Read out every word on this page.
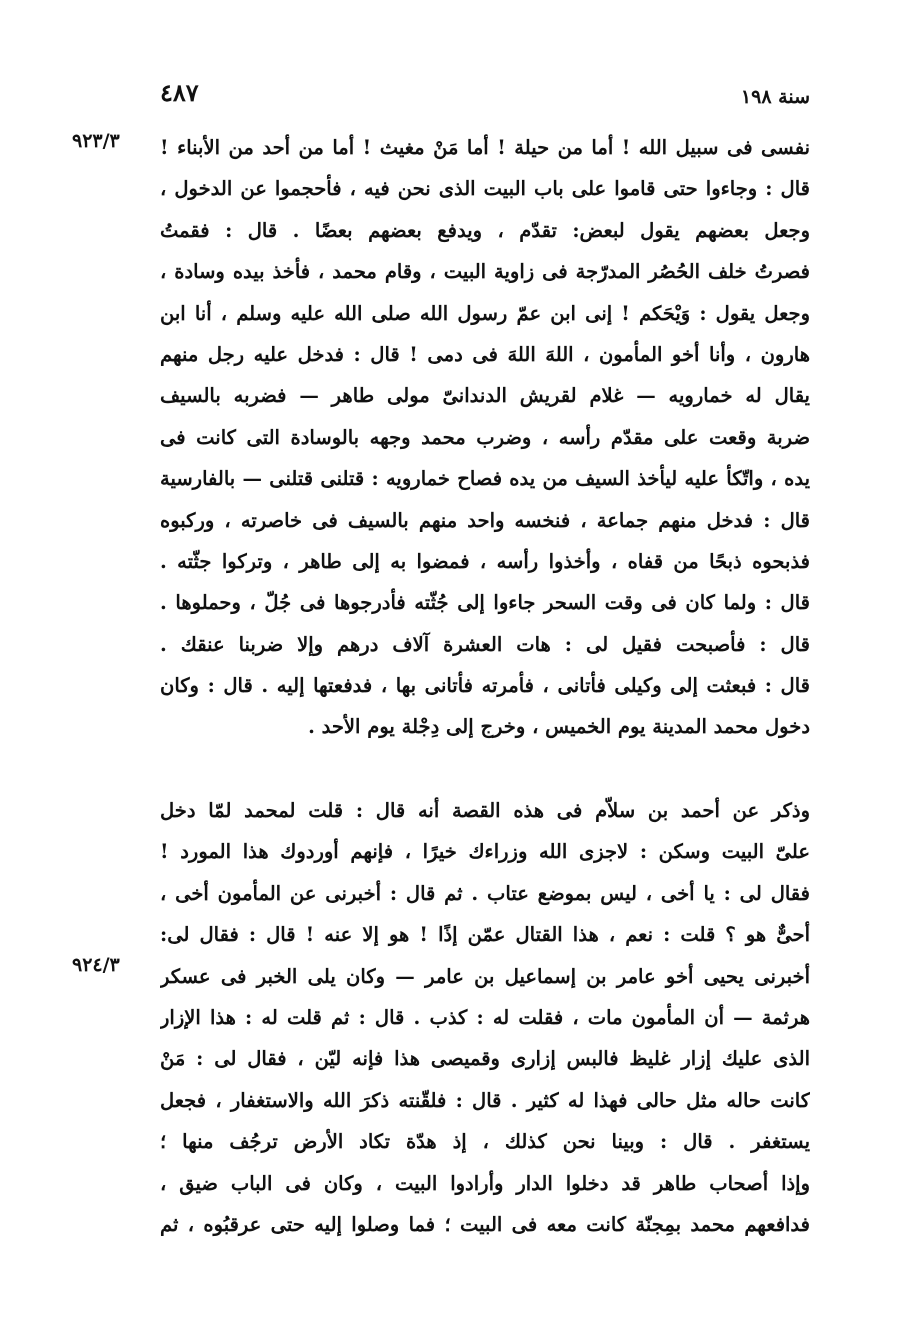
٤٨٧	سنة ١٩٨
٩٢٣/٣
٩٢٤/٣
نفسى فى سبيل الله ! أما من حيلة ! أما مَنْ مغيث ! أما من أحد من الأبناء !
قال : وجاءوا حتى قاموا على باب البيت الذى نحن فيه ، فأحجموا عن الدخول ،
وجعل بعضهم يقول لبعض: تقدّم ، ويدفع بعضهم بعضًا . قال : فقمتُ
فصرتُ خلف الحُصُر المدرّجة فى زاوية البيت ، وقام محمد ، فأخذ بيده وسادة ،
وجعل يقول : وَيْحَكم ! إنى ابن عمّ رسول الله صلى الله عليه وسلم ، أنا ابن
هارون ، وأنا أخو المأمون ، اللهَ اللهَ فى دمى ! قال : فدخل عليه رجل منهم
يقال له خمارويه — غلام لقريش الدندانىّ مولى طاهر — فضربه بالسيف
ضربة وقعت على مقدّم رأسه ، وضرب محمد وجهه بالوسادة التى كانت فى
يده ، واتّكأ عليه ليأخذ السيف من يده فصاح خمارويه : قتلنى قتلنى — بالفارسية
قال : فدخل منهم جماعة ، فنخسه واحد منهم بالسيف فى خاصرته ، وركبوه
فذبحوه ذبحًا من قفاه ، وأخذوا رأسه ، فمضوا به إلى طاهر ، وتركوا جثّته .
قال : ولما كان فى وقت السحر جاءوا إلى جُثّته فأدرجوها فى جُلّ ، وحملوها .
قال : فأصبحت فقيل لى : هات العشرة آلاف درهم وإلا ضربنا عنقك .
قال : فبعثت إلى وكيلى فأتانى ، فأمرته فأتانى بها ، فدفعتها إليه . قال : وكان
دخول محمد المدينة يوم الخميس ، وخرج إلى دِجْلة يوم الأحد .
وذكر عن أحمد بن سلاّم فى هذه القصة أنه قال : قلت لمحمد لمّا دخل
علىّ البيت وسكن : لاجزى الله وزراءك خيرًا ، فإنهم أوردوك هذا المورد !
فقال لى : يا أخى ، ليس بموضع عتاب . ثم قال : أخبرنى عن المأمون أخى ،
أحىٌّ هو ؟ قلت : نعم ، هذا القتال عمّن إذًا ! هو إلا عنه ! قال : فقال لى:
أخبرنى يحيى أخو عامر بن إسماعيل بن عامر — وكان يلى الخبر فى عسكر
هرثمة — أن المأمون مات ، فقلت له : كذب . قال : ثم قلت له : هذا الإزار
الذى عليك إزار غليظ فالبس إزارى وقميصى هذا فإنه ليّن ، فقال لى : مَنْ
كانت حاله مثل حالى فهذا له كثير . قال : فلقّنته ذكرَ الله والاستغفار ، فجعل
يستغفر . قال : وبينا نحن كذلك ، إذ هدّة تكاد الأرض ترجُف منها ؛
وإذا أصحاب طاهر قد دخلوا الدار وأرادوا البيت ، وكان فى الباب ضيق ،
فدافعهم محمد بمِجنّة كانت معه فى البيت ؛ فما وصلوا إليه حتى عرقبُوه ، ثم
